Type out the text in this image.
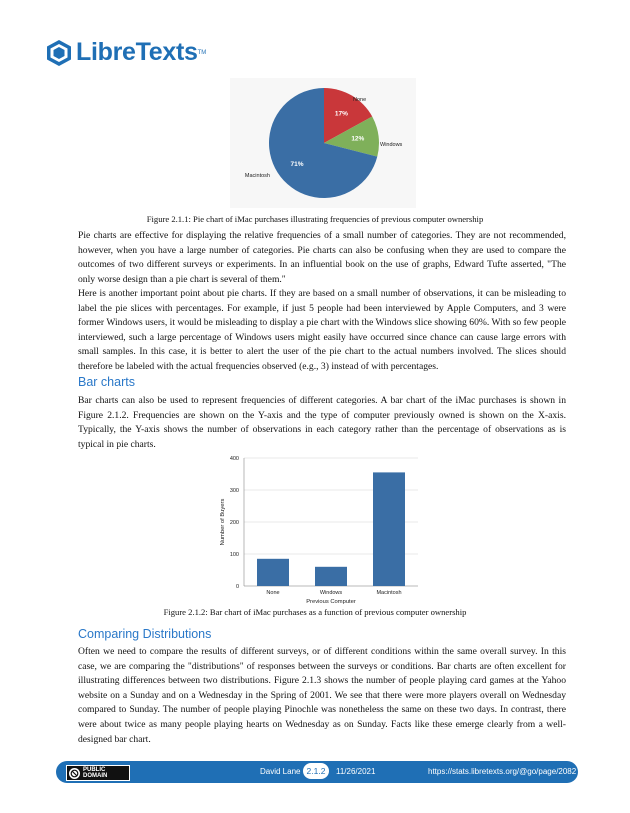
LibreTexts TM
17%
None
12%
Windows
71%
Macintosh
Figure 2.1.1: Pie chart of iMac purchases illustrating frequencies of previous computer ownership

Pie charts are effective for displaying the relative frequencies of a small number of categories. They are not recommended, however, when you have a large number of categories. Pie charts can also be confusing when they are used to compare the outcomes of two different surveys or experiments. In an influential book on the use of graphs, Edward Tufte asserted, "The only worse design than a pie chart is several of them."

Here is another important point about pie charts. If they are based on a small number of observations, it can be misleading to label the pie slices with percentages. For example, if just 5 people had been interviewed by Apple Computers, and 3 were former Windows users, it would be misleading to display a pie chart with the Windows slice showing 60%. With so few people interviewed, such a large percentage of Windows users might easily have occurred since chance can cause large errors with small samples. In this case, it is better to alert the user of the pie chart to the actual numbers involved. The slices should therefore be labeled with the actual frequencies observed (e.g., 3) instead of with percentages.

Bar charts

Bar charts can also be used to represent frequencies of different categories. A bar chart of the iMac purchases is shown in Figure 2.1.2. Frequencies are shown on the Y-axis and the type of computer previously owned is shown on the X-axis. Typically, the Y-axis shows the number of observations in each category rather than the percentage of observations as is typical in pie charts.

0
100
200
300
400
None	Windows	Macintosh
Previous Computer
Number of Buyers
Figure 2.1.2: Bar chart of iMac purchases as a function of previous computer ownership
Comparing Distributions

Often we need to compare the results of different surveys, or of different conditions within the same overall survey. In this case, we are comparing the "distributions" of responses between the surveys or conditions. Bar charts are often excellent for illustrating differences between two distributions. Figure 2.1.3 shows the number of people playing card games at the Yahoo website on a Sunday and on a Wednesday in the Spring of 2001. We see that there were more players overall on Wednesday compared to Sunday. The number of people playing Pinochle was nonetheless the same on these two days. In contrast, there were about twice as many people playing hearts on Wednesday as on Sunday. Facts like these emerge clearly from a well-designed bar chart.

PUBLIC
DOMAIN	David Lane 2.1.2	11/26/2021	https://stats.libretexts.org/@go/page/2082
